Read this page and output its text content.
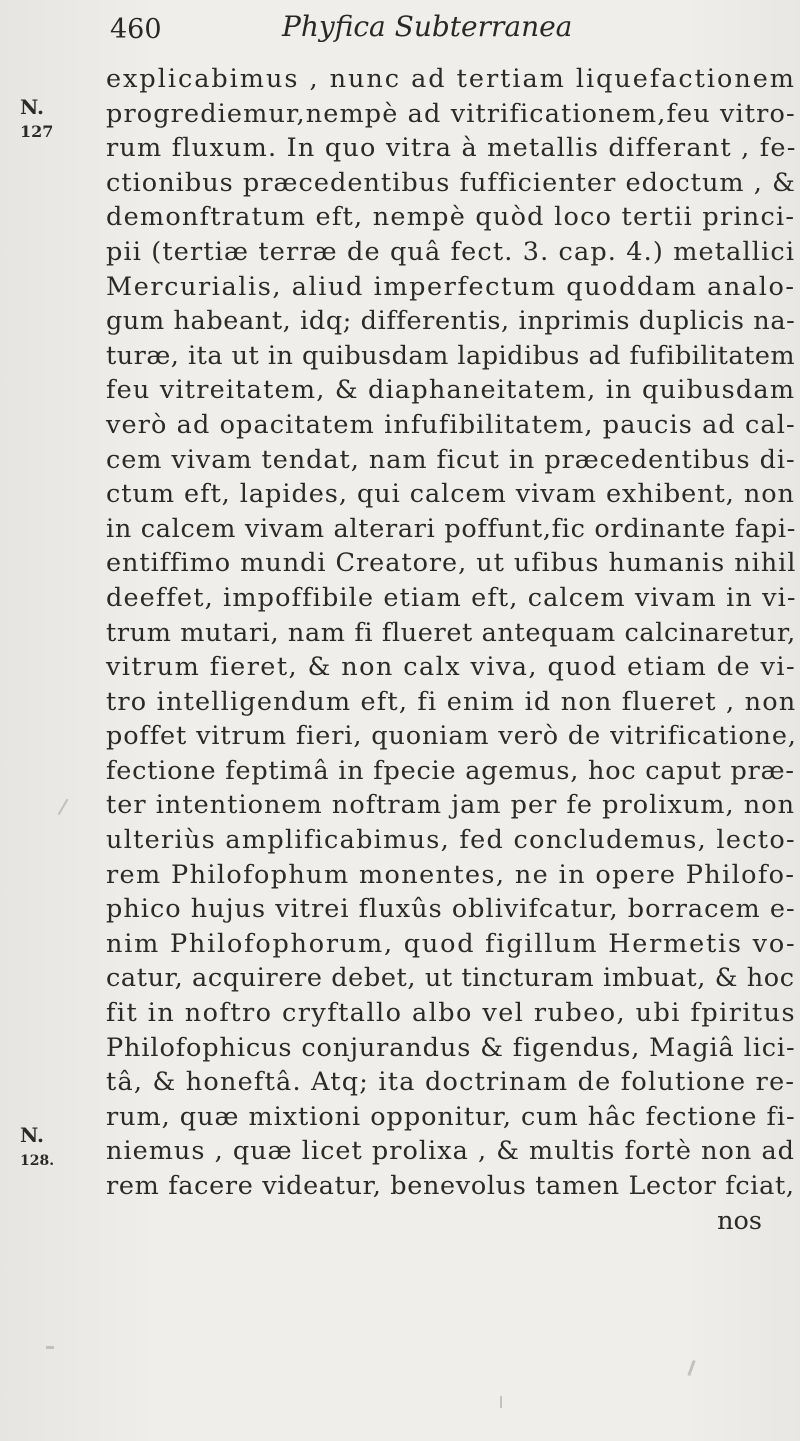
460	Phyfica Subterranea
N.
127
N.
128.
explicabimus , nunc ad tertiam liquefactionem
progrediemur,nempè ad vitrificationem,feu vitro-
rum fluxum. In quo vitra à metallis differant , fe-
ctionibus præcedentibus fufficienter edoctum , &
demonftratum eft, nempè quòd loco tertii princi-
pii (tertiæ terræ de quâ fect. 3. cap. 4.) metallici
Mercurialis, aliud imperfectum quoddam analo-
gum habeant, idq; differentis, inprimis duplicis na-
turæ, ita ut in quibusdam lapidibus ad fufibilitatem
feu vitreitatem, & diaphaneitatem, in quibusdam
verò ad opacitatem infufibilitatem, paucis ad cal-
cem vivam tendat, nam ficut in præcedentibus di-
ctum eft, lapides, qui calcem vivam exhibent, non
in calcem vivam alterari poffunt,fic ordinante fapi-
entiffimo mundi Creatore, ut ufibus humanis nihil
deeffet, impoffibile etiam eft, calcem vivam in vi-
trum mutari, nam fi flueret antequam calcinaretur,
vitrum fieret, & non calx viva, quod etiam de vi-
tro intelligendum eft, fi enim id non flueret , non
poffet vitrum fieri, quoniam verò de vitrificatione,
fectione feptimâ in fpecie agemus, hoc caput præ-
ter intentionem noftram jam per fe prolixum, non
ulteriùs amplificabimus, fed concludemus, lecto-
rem Philofophum monentes, ne in opere Philofo-
phico hujus vitrei fluxûs oblivifcatur, borracem e-
nim Philofophorum, quod figillum Hermetis vo-
catur, acquirere debet, ut tincturam imbuat, & hoc
fit in noftro cryftallo albo vel rubeo, ubi fpiritus
Philofophicus conjurandus & figendus, Magiâ lici-
tâ, & honeftâ. Atq; ita doctrinam de folutione re-
rum, quæ mixtioni opponitur, cum hâc fectione fi-
niemus , quæ licet prolixa , & multis fortè non ad
rem facere videatur, benevolus tamen Lector fciat,
nos
